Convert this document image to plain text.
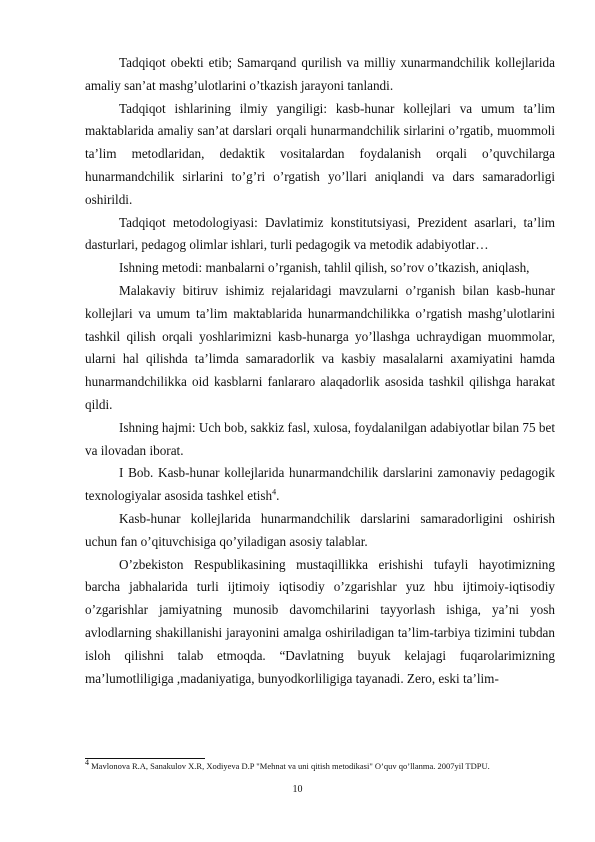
Tadqiqot obekti etib; Samarqand qurilish va milliy xunarmandchilik kollejlarida amaliy san’at mashg’ulotlarini o’tkazish jarayoni tanlandi.

Tadqiqot ishlarining ilmiy yangiligi: kasb-hunar kollejlari va umum ta’lim maktablarida amaliy san’at darslari orqali hunarmandchilik sirlarini o’rgatib, muommoli ta’lim metodlaridan, dedaktik vositalardan foydalanish orqali o’quvchilarga hunarmandchilik sirlarini to’g’ri o’rgatish yo’llari aniqlandi va dars samaradorligi oshirildi.

Tadqiqot metodologiyasi: Davlatimiz konstitutsiyasi, Prezident asarlari, ta’lim dasturlari, pedagog olimlar ishlari, turli pedagogik va metodik adabiyotlar…

Ishning metodi: manbalarni o’rganish, tahlil qilish, so’rov o’tkazish, aniqlash,

Malakaviy bitiruv ishimiz rejalaridagi mavzularni o’rganish bilan kasb-hunar kollejlari va umum ta’lim maktablarida hunarmandchilikka o’rgatish mashg’ulotlarini tashkil qilish orqali yoshlarimizni kasb-hunarga yo’llashga uchraydigan muommolar, ularni hal qilishda ta’limda samaradorlik va kasbiy masalalarni axamiyatini hamda hunarmandchilikka oid kasblarni fanlararo alaqadorlik asosida tashkil qilishga harakat qildi.

Ishning hajmi: Uch bob, sakkiz fasl, xulosa, foydalanilgan adabiyotlar bilan 75 bet va ilovadan iborat.

I Bob. Kasb-hunar kollejlarida hunarmandchilik darslarini zamonaviy pedagogik texnologiyalar asosida tashkel etish$^4$.

Kasb-hunar kollejlarida hunarmandchilik darslarini samaradorligini oshirish uchun fan o’qituvchisiga qo’yiladigan asosiy talablar.

O’zbekiston Respublikasining mustaqillikka erishishi tufayli hayotimizning barcha jabhalarida turli ijtimoiy iqtisodiy o’zgarishlar yuz hbu ijtimoiy-iqtisodiy o’zgarishlar jamiyatning munosib davomchilarini tayyorlash ishiga, ya’ni yosh avlodlarning shakillanishi jarayonini amalga oshiriladigan ta’lim-tarbiya tizimini tubdan isloh qilishni talab etmoqda. “Davlatning buyuk kelajagi fuqarolarimizning ma’lumotliligiga ,madaniyatiga, bunyodkorliligiga tayanadi. Zero, eski ta’lim-

4 Mavlonova R.A, Sanakulov X.R, Xodiyeva D.P "Mehnat va uni qitish metodikasi" O’quv qo’llanma. 2007yil TDPU.

10
